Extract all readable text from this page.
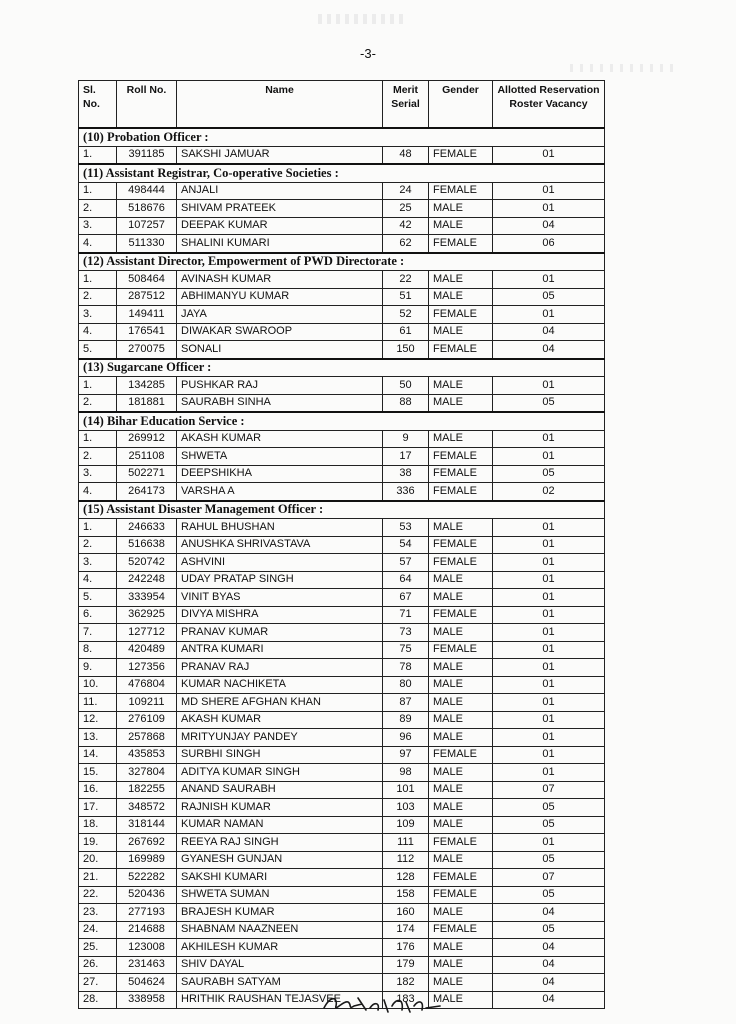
-3-
Sl. No.	Roll No.	Name	Merit Serial	Gender	Allotted Reservation Roster Vacancy
(10) Probation Officer :					
1.	391185	SAKSHI JAMUAR	48	FEMALE	01
(11) Assistant Registrar, Co-operative Societies :					
1.	498444	ANJALI	24	FEMALE	01
2.	518676	SHIVAM PRATEEK	25	MALE	01
3.	107257	DEEPAK KUMAR	42	MALE	04
4.	511330	SHALINI KUMARI	62	FEMALE	06
(12) Assistant Director, Empowerment of PWD Directorate :					
1.	508464	AVINASH KUMAR	22	MALE	01
2.	287512	ABHIMANYU KUMAR	51	MALE	05
3.	149411	JAYA	52	FEMALE	01
4.	176541	DIWAKAR SWAROOP	61	MALE	04
5.	270075	SONALI	150	FEMALE	04
(13) Sugarcane Officer :					
1.	134285	PUSHKAR RAJ	50	MALE	01
2.	181881	SAURABH SINHA	88	MALE	05
(14) Bihar Education Service :					
1.	269912	AKASH KUMAR	9	MALE	01
2.	251108	SHWETA	17	FEMALE	01
3.	502271	DEEPSHIKHA	38	FEMALE	05
4.	264173	VARSHA A	336	FEMALE	02
(15) Assistant Disaster Management Officer :					
1.	246633	RAHUL BHUSHAN	53	MALE	01
2.	516638	ANUSHKA SHRIVASTAVA	54	FEMALE	01
3.	520742	ASHVINI	57	FEMALE	01
4.	242248	UDAY PRATAP SINGH	64	MALE	01
5.	333954	VINIT BYAS	67	MALE	01
6.	362925	DIVYA MISHRA	71	FEMALE	01
7.	127712	PRANAV KUMAR	73	MALE	01
8.	420489	ANTRA KUMARI	75	FEMALE	01
9.	127356	PRANAV RAJ	78	MALE	01
10.	476804	KUMAR NACHIKETA	80	MALE	01
11.	109211	MD SHERE AFGHAN KHAN	87	MALE	01
12.	276109	AKASH KUMAR	89	MALE	01
13.	257868	MRITYUNJAY PANDEY	96	MALE	01
14.	435853	SURBHI SINGH	97	FEMALE	01
15.	327804	ADITYA KUMAR SINGH	98	MALE	01
16.	182255	ANAND SAURABH	101	MALE	07
17.	348572	RAJNISH KUMAR	103	MALE	05
18.	318144	KUMAR NAMAN	109	MALE	05
19.	267692	REEYA RAJ SINGH	111	FEMALE	01
20.	169989	GYANESH GUNJAN	112	MALE	05
21.	522282	SAKSHI KUMARI	128	FEMALE	07
22.	520436	SHWETA SUMAN	158	FEMALE	05
23.	277193	BRAJESH KUMAR	160	MALE	04
24.	214688	SHABNAM NAAZNEEN	174	FEMALE	05
25.	123008	AKHILESH KUMAR	176	MALE	04
26.	231463	SHIV DAYAL	179	MALE	04
27.	504624	SAURABH SATYAM	182	MALE	04
28.	338958	HRITHIK RAUSHAN TEJASVEE	183	MALE	04
